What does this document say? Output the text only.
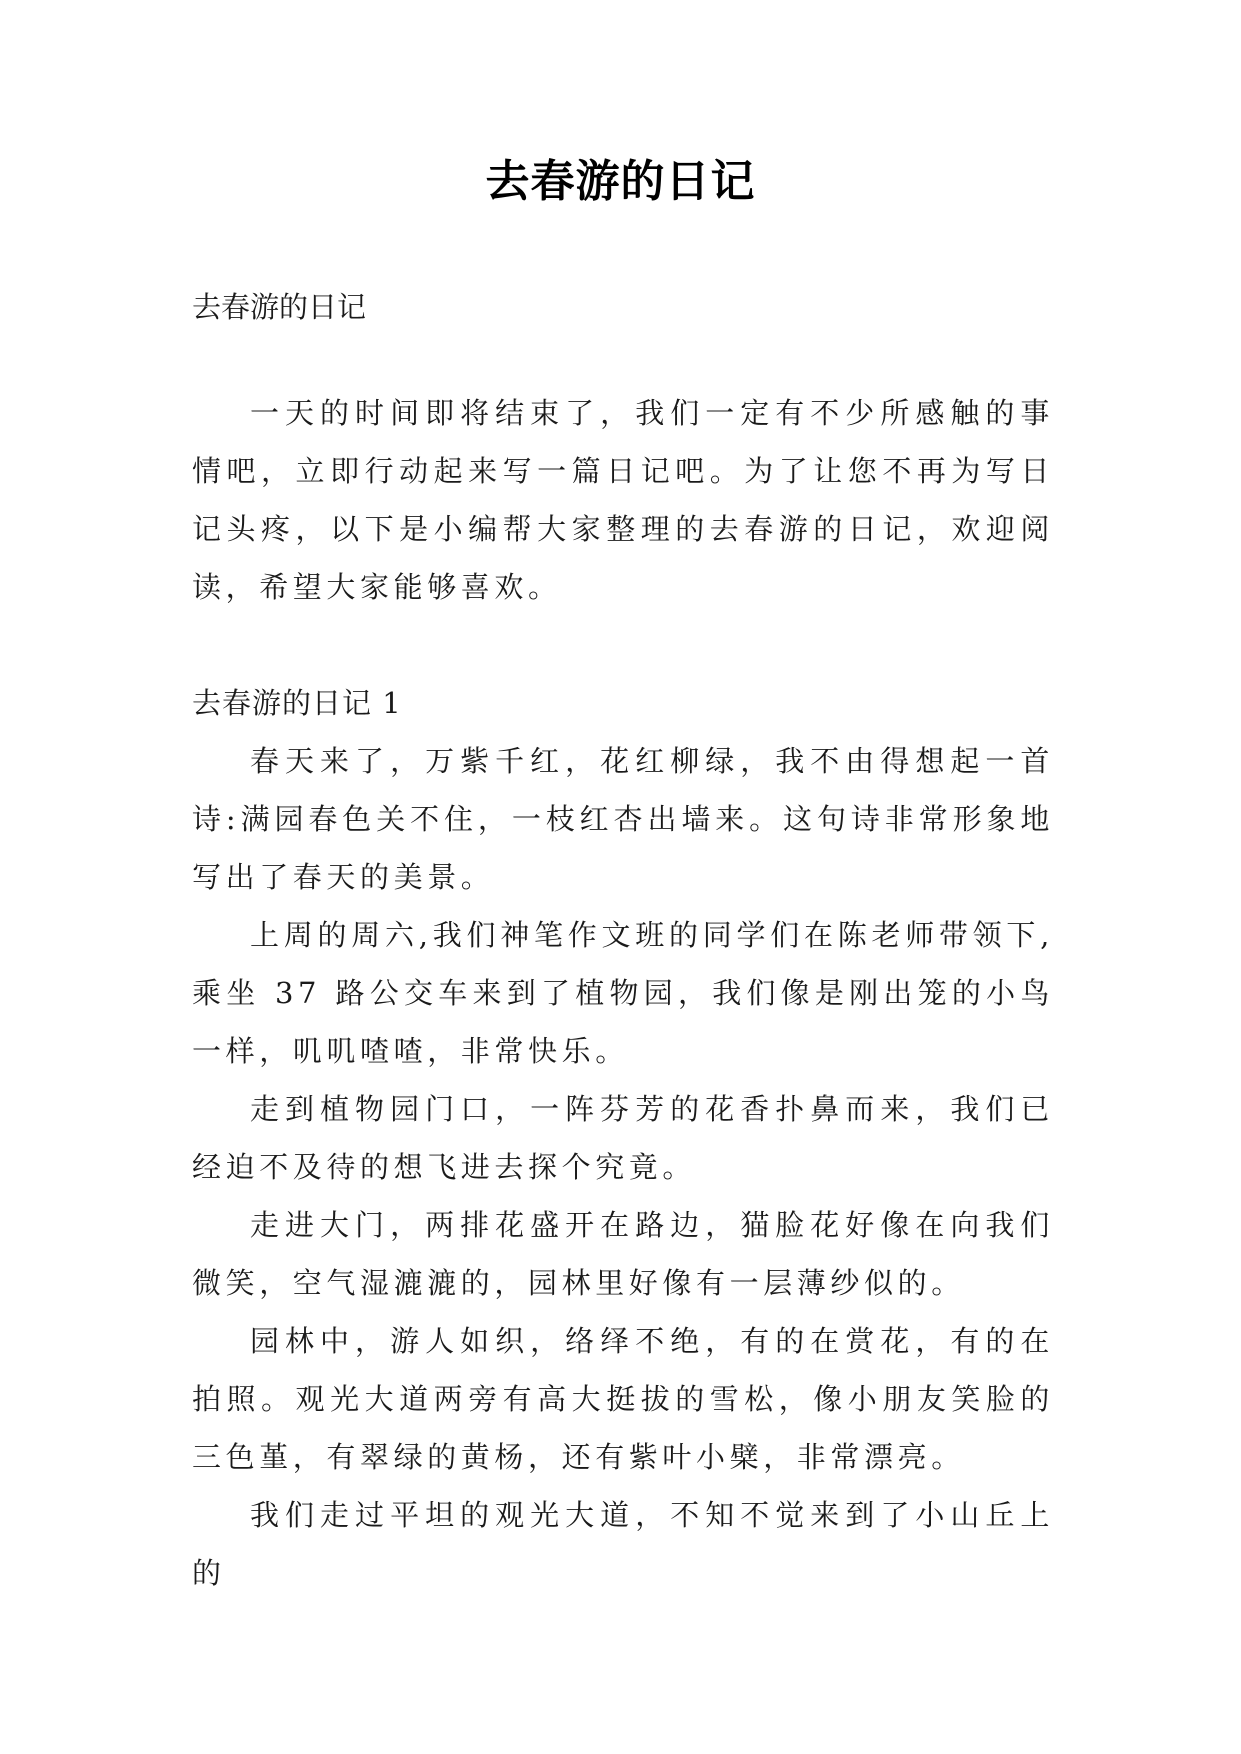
去春游的日记

去春游的日记

一天的时间即将结束了，我们一定有不少所感触的事情吧，立即行动起来写一篇日记吧。为了让您不再为写日记头疼，以下是小编帮大家整理的去春游的日记，欢迎阅读，希望大家能够喜欢。

去春游的日记 1

春天来了，万紫千红，花红柳绿，我不由得想起一首诗:满园春色关不住，一枝红杏出墙来。这句诗非常形象地写出了春天的美景。

上周的周六,我们神笔作文班的同学们在陈老师带领下,乘坐 37 路公交车来到了植物园，我们像是刚出笼的小鸟一样，叽叽喳喳，非常快乐。

走到植物园门口，一阵芬芳的花香扑鼻而来，我们已经迫不及待的想飞进去探个究竟。

走进大门，两排花盛开在路边，猫脸花好像在向我们微笑，空气湿漉漉的，园林里好像有一层薄纱似的。

园林中，游人如织，络绎不绝，有的在赏花，有的在拍照。观光大道两旁有高大挺拔的雪松，像小朋友笑脸的三色堇，有翠绿的黄杨，还有紫叶小檗，非常漂亮。

我们走过平坦的观光大道，不知不觉来到了小山丘上的
